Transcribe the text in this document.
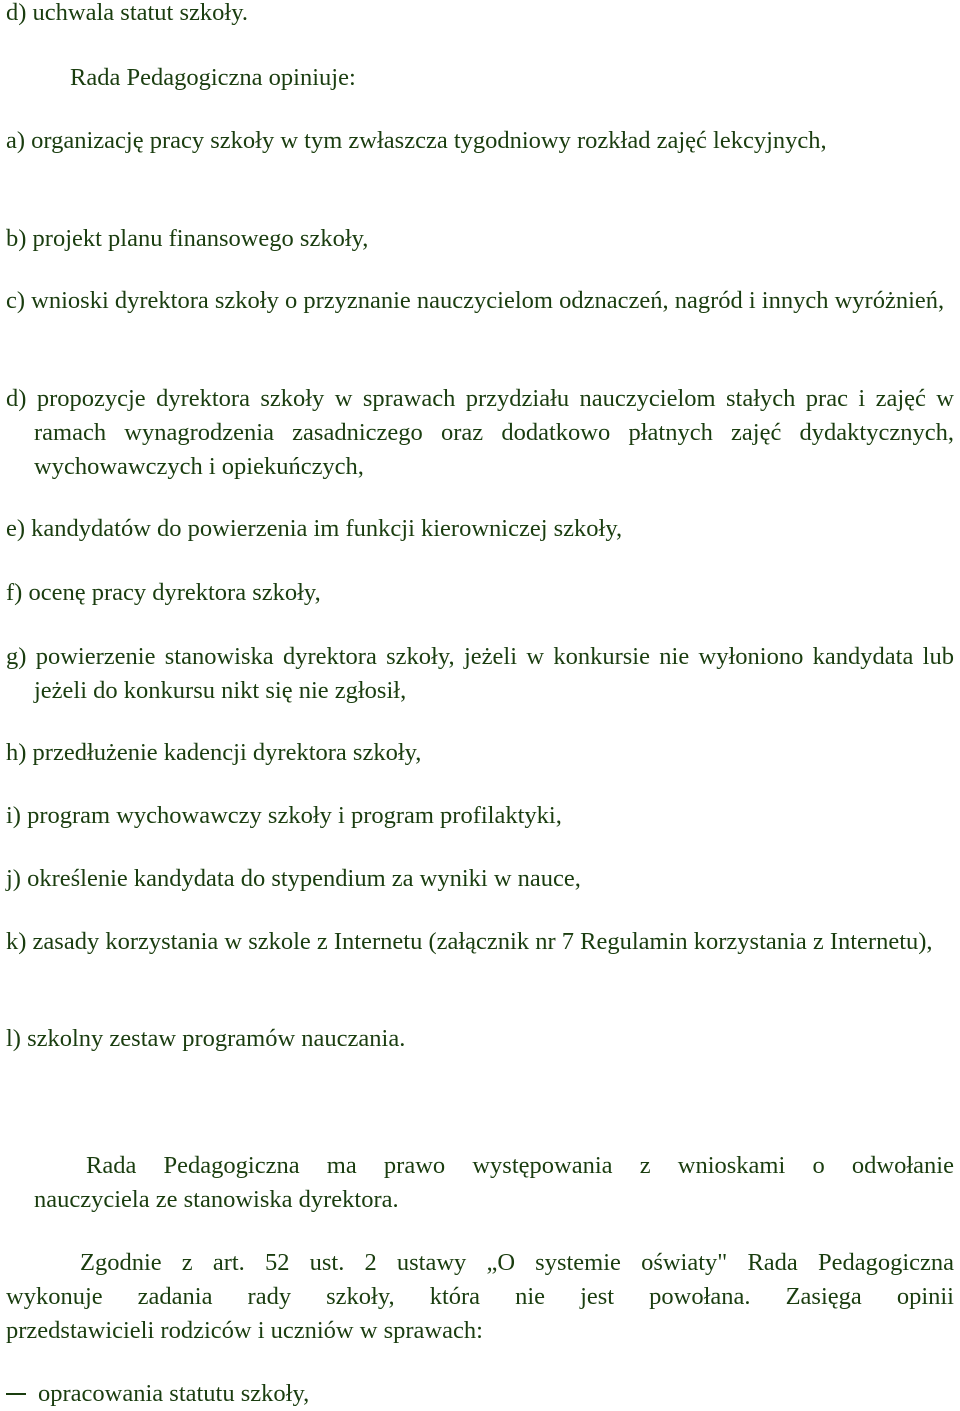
d) uchwala statut szkoły.

Rada Pedagogiczna opiniuje:

a) organizację pracy szkoły w tym zwłaszcza tygodniowy rozkład zajęć lekcyjnych,

b) projekt planu finansowego szkoły,

c) wnioski dyrektora szkoły o przyznanie nauczycielom odznaczeń, nagród i innych wyróżnień,

d) propozycje dyrektora szkoły w sprawach przydziału nauczycielom stałych prac i zajęć w ramach wynagrodzenia zasadniczego oraz dodatkowo płatnych zajęć dydaktycznych, wychowawczych i opiekuńczych,

e) kandydatów do powierzenia im funkcji kierowniczej szkoły,

f) ocenę pracy dyrektora szkoły,

g) powierzenie stanowiska dyrektora szkoły, jeżeli w konkursie nie wyłoniono kandydata lub jeżeli do konkursu nikt się nie zgłosił,

h) przedłużenie kadencji dyrektora szkoły,

i) program wychowawczy szkoły i program profilaktyki,

j) określenie kandydata do stypendium za wyniki w nauce,

k) zasady korzystania w szkole z Internetu (załącznik nr 7 Regulamin korzystania z Internetu),

l) szkolny zestaw programów nauczania.

Rada Pedagogiczna ma prawo występowania z wnioskami o odwołanie

nauczyciela ze stanowiska dyrektora.

Zgodnie z art. 52 ust. 2 ustawy „O systemie oświaty" Rada Pedagogiczna

wykonuje zadania rady szkoły, która nie jest powołana. Zasięga opinii

przedstawicieli rodziców i uczniów w sprawach:

opracowania statutu szkoły,
